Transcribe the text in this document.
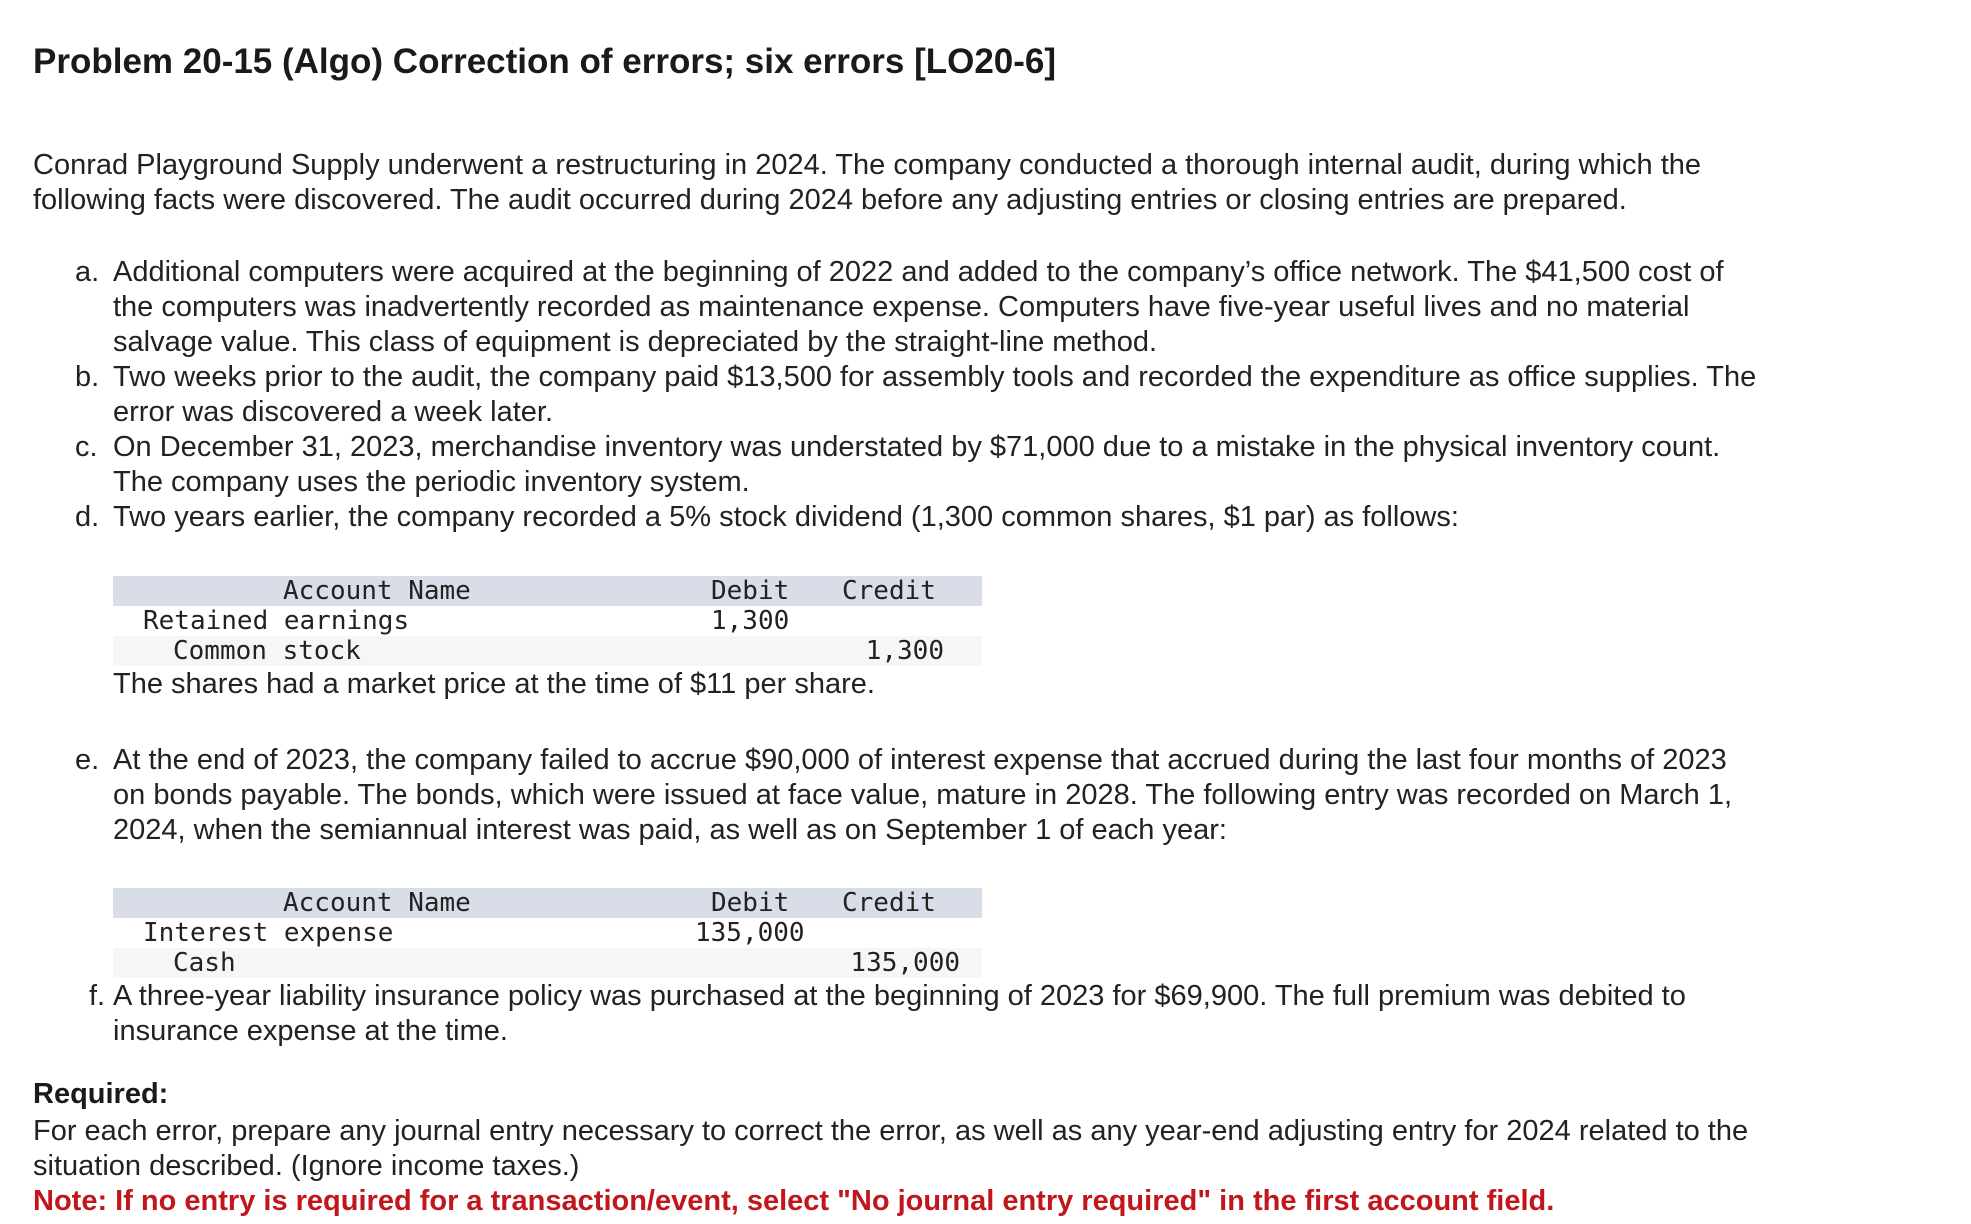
Problem 20-15 (Algo) Correction of errors; six errors [LO20-6]
Conrad Playground Supply underwent a restructuring in 2024. The company conducted a thorough internal audit, during which the
following facts were discovered. The audit occurred during 2024 before any adjusting entries or closing entries are prepared.
a. Additional computers were acquired at the beginning of 2022 and added to the company’s office network. The $41,500 cost of
the computers was inadvertently recorded as maintenance expense. Computers have five-year useful lives and no material
salvage value. This class of equipment is depreciated by the straight-line method.
b. Two weeks prior to the audit, the company paid $13,500 for assembly tools and recorded the expenditure as office supplies. The
error was discovered a week later.
c. On December 31, 2023, merchandise inventory was understated by $71,000 due to a mistake in the physical inventory count.
The company uses the periodic inventory system.
d. Two years earlier, the company recorded a 5% stock dividend (1,300 common shares, $1 par) as follows:
Account Name	Debit	Credit
Retained earnings	1,300	
Common stock		1,300
The shares had a market price at the time of $11 per share.
e. At the end of 2023, the company failed to accrue $90,000 of interest expense that accrued during the last four months of 2023
on bonds payable. The bonds, which were issued at face value, mature in 2028. The following entry was recorded on March 1,
2024, when the semiannual interest was paid, as well as on September 1 of each year:
Account Name	Debit	Credit
Interest expense	135,000	
Cash		135,000
f. A three-year liability insurance policy was purchased at the beginning of 2023 for $69,900. The full premium was debited to
insurance expense at the time.
Required:
For each error, prepare any journal entry necessary to correct the error, as well as any year-end adjusting entry for 2024 related to the
situation described. (Ignore income taxes.)
Note: If no entry is required for a transaction/event, select "No journal entry required" in the first account field.
